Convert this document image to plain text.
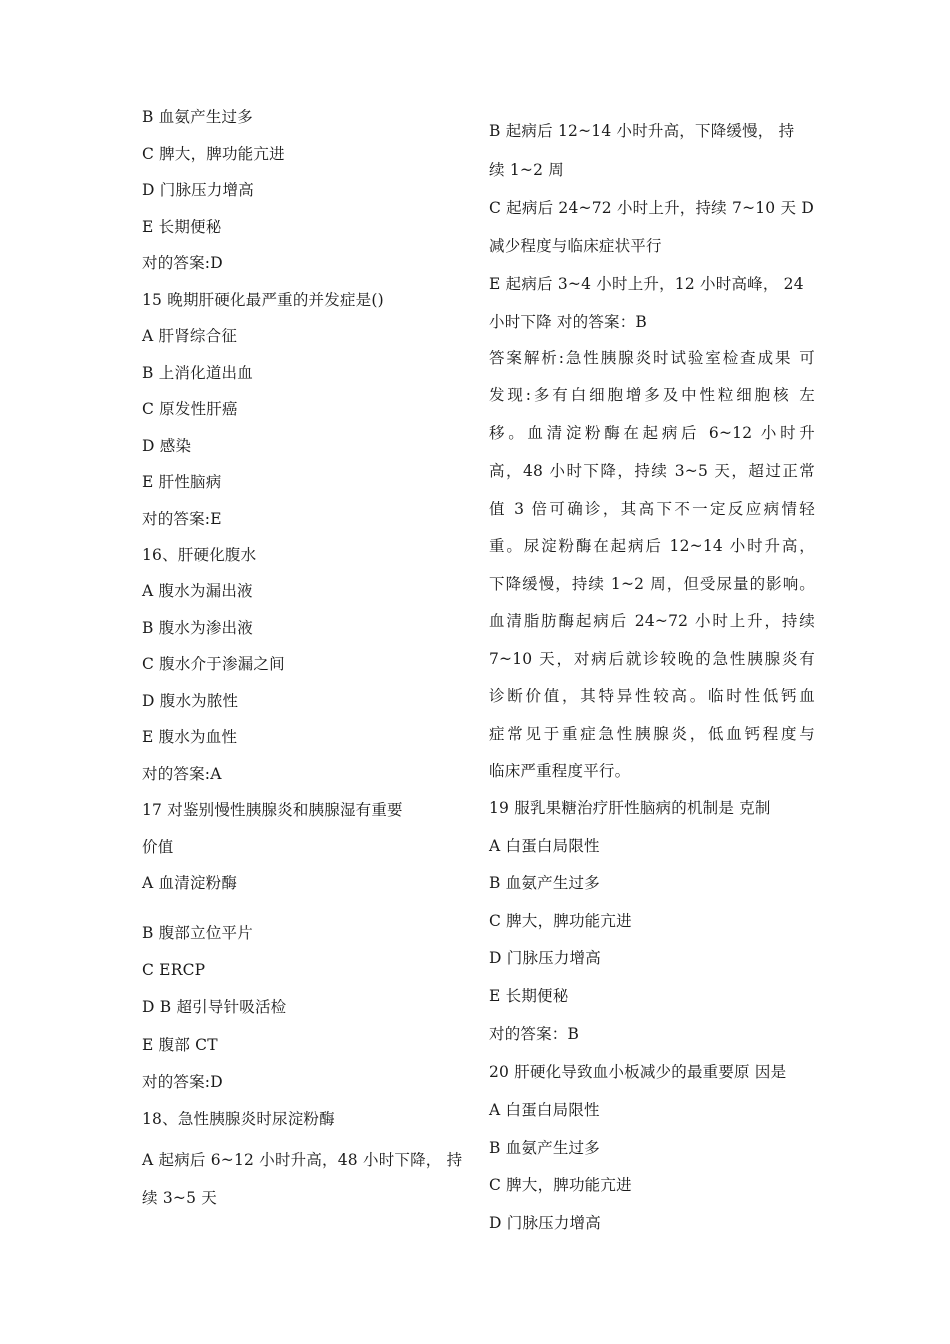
B 血氨产生过多
C 脾大，脾功能亢进
D 门脉压力增高
E 长期便秘
对的答案:D
15 晚期肝硬化最严重的并发症是()
A 肝肾综合征
B 上消化道出血
C 原发性肝癌
D 感染
E 肝性脑病
对的答案:E
16、肝硬化腹水
A 腹水为漏出液
B 腹水为渗出液
C 腹水介于渗漏之间
D 腹水为脓性
E 腹水为血性
对的答案:A
17 对鉴别慢性胰腺炎和胰腺湿有重要
价值
A 血清淀粉酶
B 腹部立位平片
C ERCP
D B 超引导针吸活检
E 腹部 CT
对的答案:D
18、急性胰腺炎时尿淀粉酶
A 起病后 6~12 小时升高，48 小时下降， 持
续 3~5 天
B 起病后 12~14 小时升高，下降缓慢， 持
续 1~2 周
C 起病后 24~72 小时上升，持续 7~10 天 D
减少程度与临床症状平行
E 起病后 3~4 小时上升，12 小时高峰， 24
小时下降 对的答案：B
答案解析:急性胰腺炎时试验室检查成果 可
发现:多有白细胞增多及中性粒细胞核 左
移。血清淀粉酶在起病后 6~12 小时升
高，48 小时下降，持续 3~5 天，超过正常
值 3 倍可确诊，其高下不一定反应病情轻
重。尿淀粉酶在起病后 12~14 小时升高，
下降缓慢，持续 1~2 周，但受尿量的影响。
血清脂肪酶起病后 24~72 小时上升，持续
7~10 天，对病后就诊较晚的急性胰腺炎有
诊断价值，其特异性较高。临时性低钙血
症常见于重症急性胰腺炎，低血钙程度与
临床严重程度平行。
19 服乳果糖治疗肝性脑病的机制是 克制
A 白蛋白局限性
B 血氨产生过多
C 脾大，脾功能亢进
D 门脉压力增高
E 长期便秘
对的答案：B
20 肝硬化导致血小板减少的最重要原 因是
A 白蛋白局限性
B 血氨产生过多
C 脾大，脾功能亢进
D 门脉压力增高
